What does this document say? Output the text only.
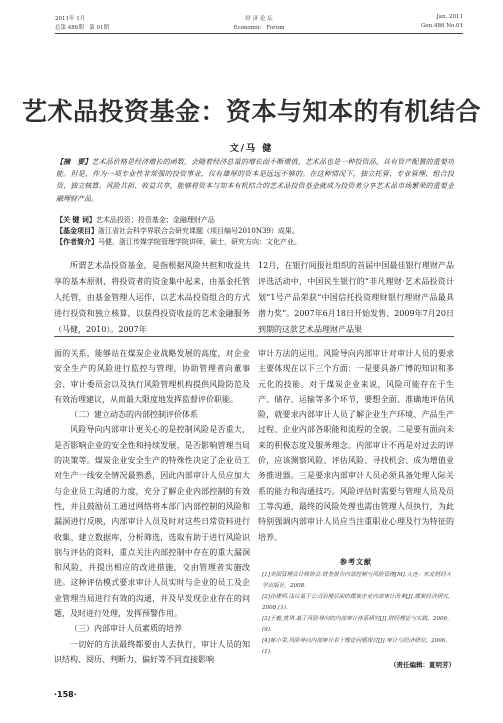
2011年 1月
总第 486期　第 01期
经 济 论 坛
Economic　Forum
Jan. 2011
Gen.486 No.01
艺术品投资基金：资本与知本的有机结合
文/马 健
【摘　要】艺术品价格是经济增长的函数，会随着经济总量的增长而不断增值。艺术品也是一种投资品，具有资产配置的重要功能。但是，作为一项专业性非常强的投资事业，仅有雄厚的资本是远远不够的。在这种情况下，独立托管、专业管理、组合投资、独立核算、风险共担、收益共享，能够将资本与知本有机结合的艺术品投资基金就成为投资者分享艺术品市场繁荣的重要金融理财产品。
【关 键 词】艺术品投资；投资基金；金融理财产品
【基金项目】浙江省社会科学界联合会研究课题（项目编号2010N39）成果。
【作者简介】马健，浙江传媒学院管理学院讲师，硕士，研究方向：文化产业。

所谓艺术品投资基金，是指根据风险共担和收益共享的基本原则，将投资者的资金集中起来，由基金托管人托管，由基金管理人运作，以艺术品投资组合的方式进行投资和独立核算，以获得投资收益的艺术金融服务（马健，2010）。2007年

12月，在银行间报社组织的首届中国最佳银行理财产品评选活动中，中国民生银行的“非凡理财·艺术品投资计划”1号产品荣获“中国信托投资理财银行理财产品最具潜力奖”。2007年6月18日开始发售、2009年7月20日到期的这款艺术品理财产品果

面的关系，能够站在煤炭企业战略发展的高度，对企业安全生产的风险进行监控与管理，协助管理者向董事会、审计委员会以及执行风险管理机构提供风险防范及有效治理建议，从而最大限度地发挥监督评价职能。

（二）建立动态的内部控制评价体系

风险导向内部审计更关心的是控制风险是否重大，是否影响企业的安全性和持续发展，是否影响管理当局的决策等。煤炭企业安全生产的特殊性决定了企业员工对生产一线安全情况最熟悉，因此内部审计人员应加大与企业员工沟通的力度，充分了解企业内部控制的有效性，并且鼓励员工通过网络将本部门内部控制的风险和漏洞进行反映，内部审计人员及时对这些日常资料进行收集、建立数据库，分析筛选，选取有助于进行风险识别与评估的资料，重点关注内部控制中存在的重大漏洞和风险，并提出相应的改进措施，交由管理者实施改进。这种评估模式要求审计人员实时与企业的员工及企业管理当局进行有效的沟通，并及早发现企业存在的问题，及时进行处理，发挥预警作用。

（三）内部审计人员素质的培养

一切好的方法最终都要由人去执行，审计人员的知识结构、阅历、判断力、偏好等不同直接影响

审计方法的运用。风险导向内部审计对审计人员的要求主要体现在以下三个方面：一是要具备广博的知识和多元化的技能。对于煤炭企业来说，风险可能存在于生产、储存、运输等多个环节，要想全面、准确地评估风险，就要求内部审计人员了解企业生产环境、产品生产过程、企业内部各职能和流程的全貌。二是要有面向未来的积极态度及服务理念。内部审计不再是对过去的评价，应该测察风险、评估风险、寻找机会、成为增值业务推进器。三是要求内部审计人员必须具备处理人际关系的能力和沟通技巧。风险评估时需要与管理人员及员工等沟通，最终的风险处理也需由管理人员执行，为此特别强调内部审计人员应当注重职业心理及行为特征的培养。

参考文献
[1]美国管理会计师协会.财务报告内部控制与风险管理[M].大连：东北财经大学出版社，2008.
[2]孙建明.浅议基于公司治理层面的煤炭企业内部审计改革[J].煤炭经济研究，2008,(1).
[3]王毅,黄琪.基于风险导向的内部审计体系研究[J].财经理论与实践，2006,(9).
[4]郝小荣.风险导向内部审计若干理论问题探讨[J].审计与经济研究，2006,(1).
（责任编辑：夏明芳）
·158·
